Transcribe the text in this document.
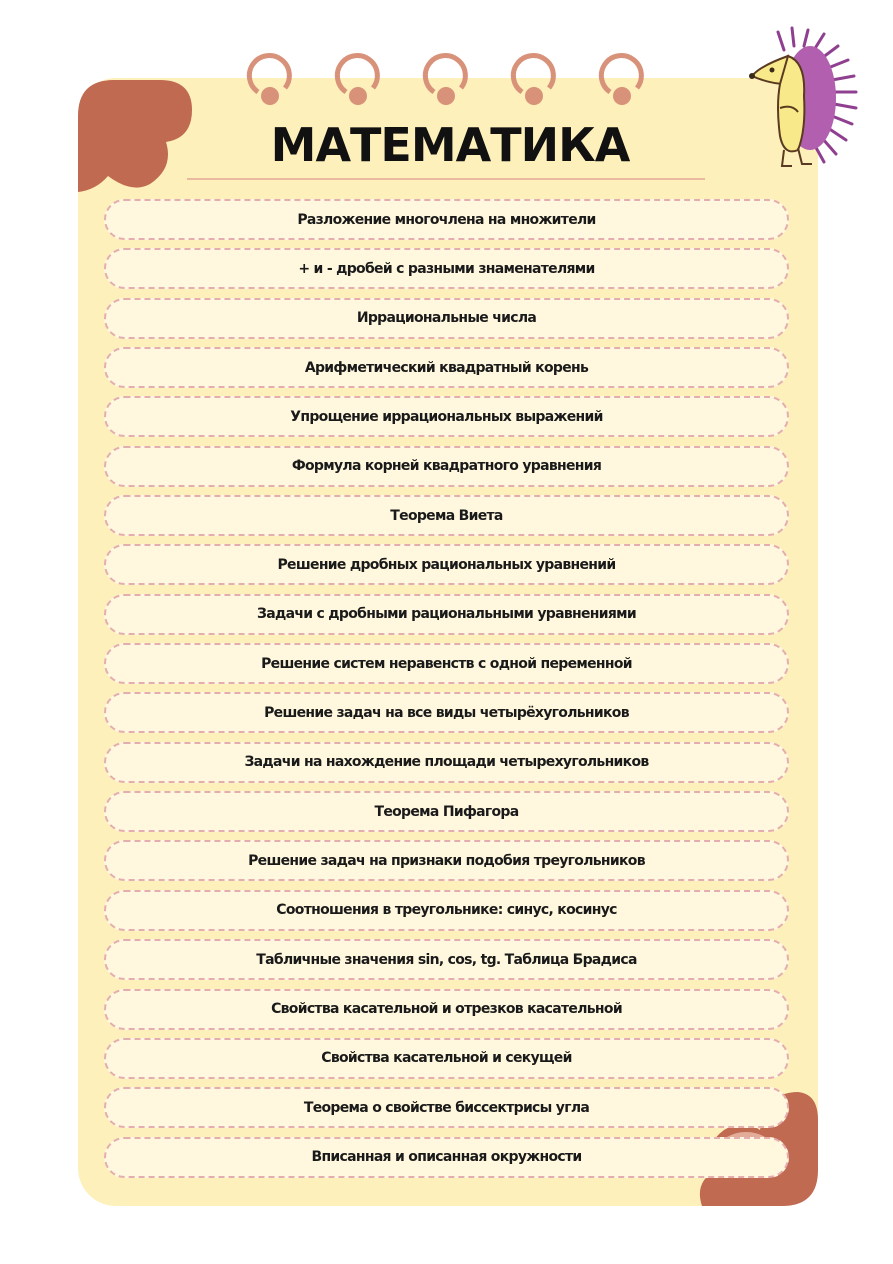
МАТЕМАТИКА
Разложение многочлена на множители
+ и - дробей с разными знаменателями
Иррациональные числа
Арифметический квадратный корень
Упрощение иррациональных выражений
Формула корней квадратного уравнения
Теорема Виета
Решение дробных рациональных уравнений
Задачи с дробными рациональными уравнениями
Решение систем неравенств с одной переменной
Решение задач на все виды четырёхугольников
Задачи на нахождение площади четырехугольников
Теорема Пифагора
Решение задач на признаки подобия треугольников
Соотношения в треугольнике: синус, косинус
Табличные значения sin, cos, tg. Таблица Брадиса
Свойства касательной и отрезков касательной
Свойства касательной и секущей
Теорема о свойстве биссектрисы угла
Вписанная и описанная окружности
